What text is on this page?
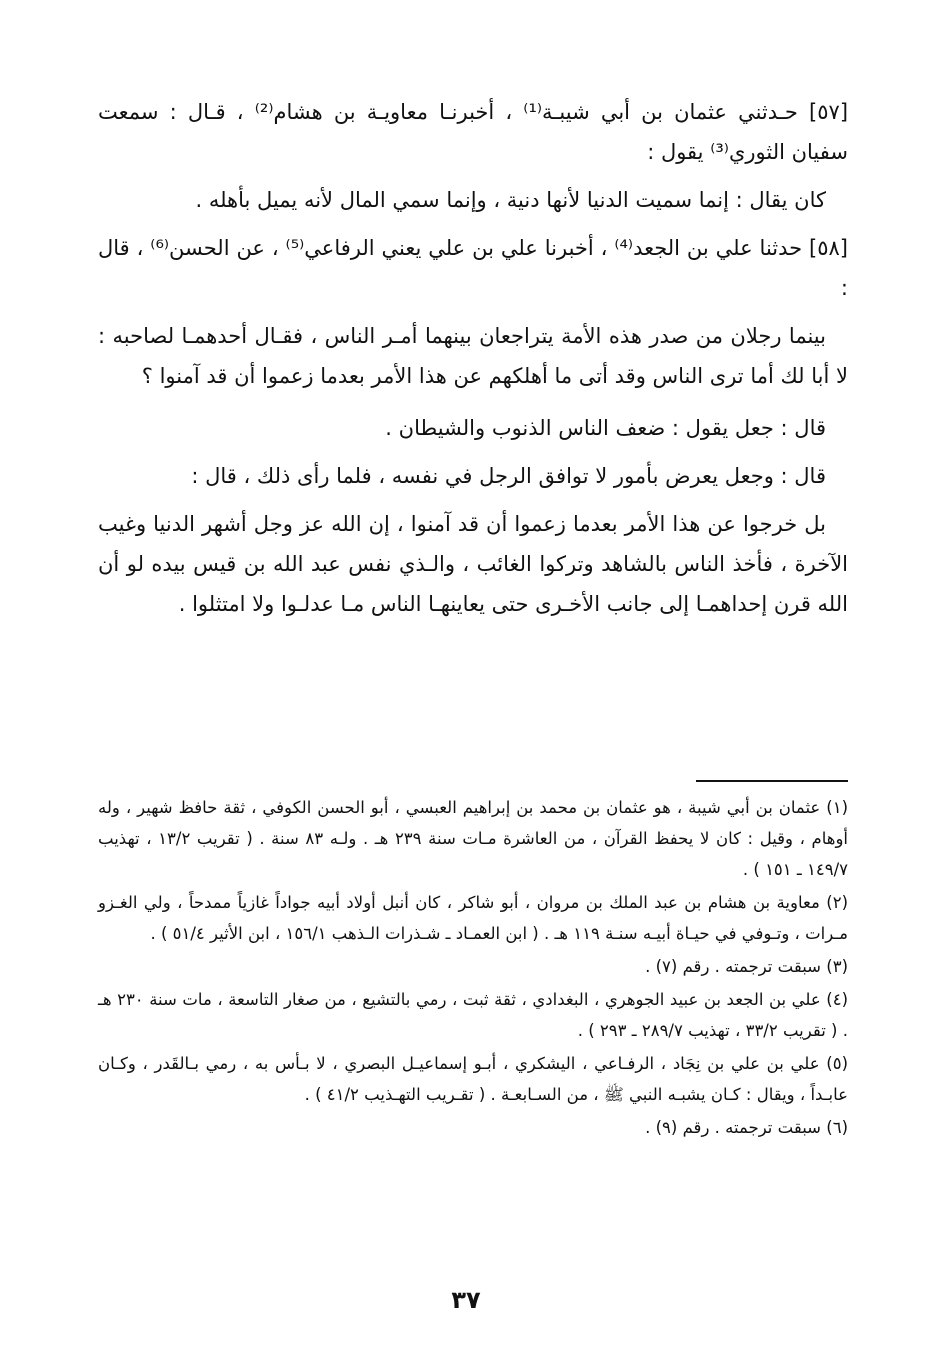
[٥٧] حـدثني عثمان بن أبي شيبـة⁽¹⁾ ، أخبرنـا معاويـة بن هشام⁽²⁾ ، قـال : سمعت سفيان الثوري⁽³⁾ يقول :

كان يقال : إنما سميت الدنيا لأنها دنية ، وإنما سمي المال لأنه يميل بأهله .

[٥٨] حدثنا علي بن الجعد⁽⁴⁾ ، أخبرنا علي بن علي يعني الرفاعي⁽⁵⁾ ، عن الحسن⁽⁶⁾ ، قال :

بينما رجلان من صدر هذه الأمة يتراجعان بينهما أمـر الناس ، فقـال أحدهمـا لصاحبه : لا أبا لك أما ترى الناس وقد أتى ما أهلكهم عن هذا الأمر بعدما زعموا أن قد آمنوا ؟

قال : جعل يقول : ضعف الناس الذنوب والشيطان .

قال : وجعل يعرض بأمور لا توافق الرجل في نفسه ، فلما رأى ذلك ، قال :

بل خرجوا عن هذا الأمر بعدما زعموا أن قد آمنوا ، إن الله عز وجل أشهر الدنيا وغيب الآخرة ، فأخذ الناس بالشاهد وتركوا الغائب ، والـذي نفس عبد الله بن قيس بيده لو أن الله قرن إحداهمـا إلى جانب الأخـرى حتى يعاينهـا الناس مـا عدلـوا ولا امتثلوا .

(١) عثمان بن أبي شيبة ، هو عثمان بن محمد بن إبراهيم العبسي ، أبو الحسن الكوفي ، ثقة حافظ شهير ، وله أوهام ، وقيل : كان لا يحفظ القرآن ، من العاشرة مـات سنة ٢٣٩ هـ . ولـه ٨٣ سنة . ( تقريب ١٣/٢ ، تهذيب ١٤٩/٧ ـ ١٥١ ) .

(٢) معاوية بن هشام بن عبد الملك بن مروان ، أبو شاكر ، كان أنبل أولاد أبيه جواداً غازياً ممدحاً ، ولي الغـزو مـرات ، وتـوفي في حيـاة أبيـه سنـة ١١٩ هـ . ( ابن العمـاد ـ شـذرات الـذهب ١٥٦/١ ، ابن الأثير ٥١/٤ ) .

(٣) سبقت ترجمته . رقم (٧) .

(٤) علي بن الجعد بن عبيد الجوهري ، البغدادي ، ثقة ثبت ، رمي بالتشيع ، من صغار التاسعة ، مات سنة ٢٣٠ هـ . ( تقريب ٣٣/٢ ، تهذيب ٢٨٩/٧ ـ ٢٩٣ ) .

(٥) علي بن علي بن نِجَاد ، الرفـاعي ، اليشكري ، أبـو إسماعيـل البصري ، لا بـأس به ، رمي بـالقَدر ، وكـان عابـداً ، ويقال : كـان يشبـه النبي ﷺ ، من السـابعـة . ( تقـريب التهـذيب ٤١/٢ ) .

(٦) سبقت ترجمته . رقم (٩) .

٣٧
